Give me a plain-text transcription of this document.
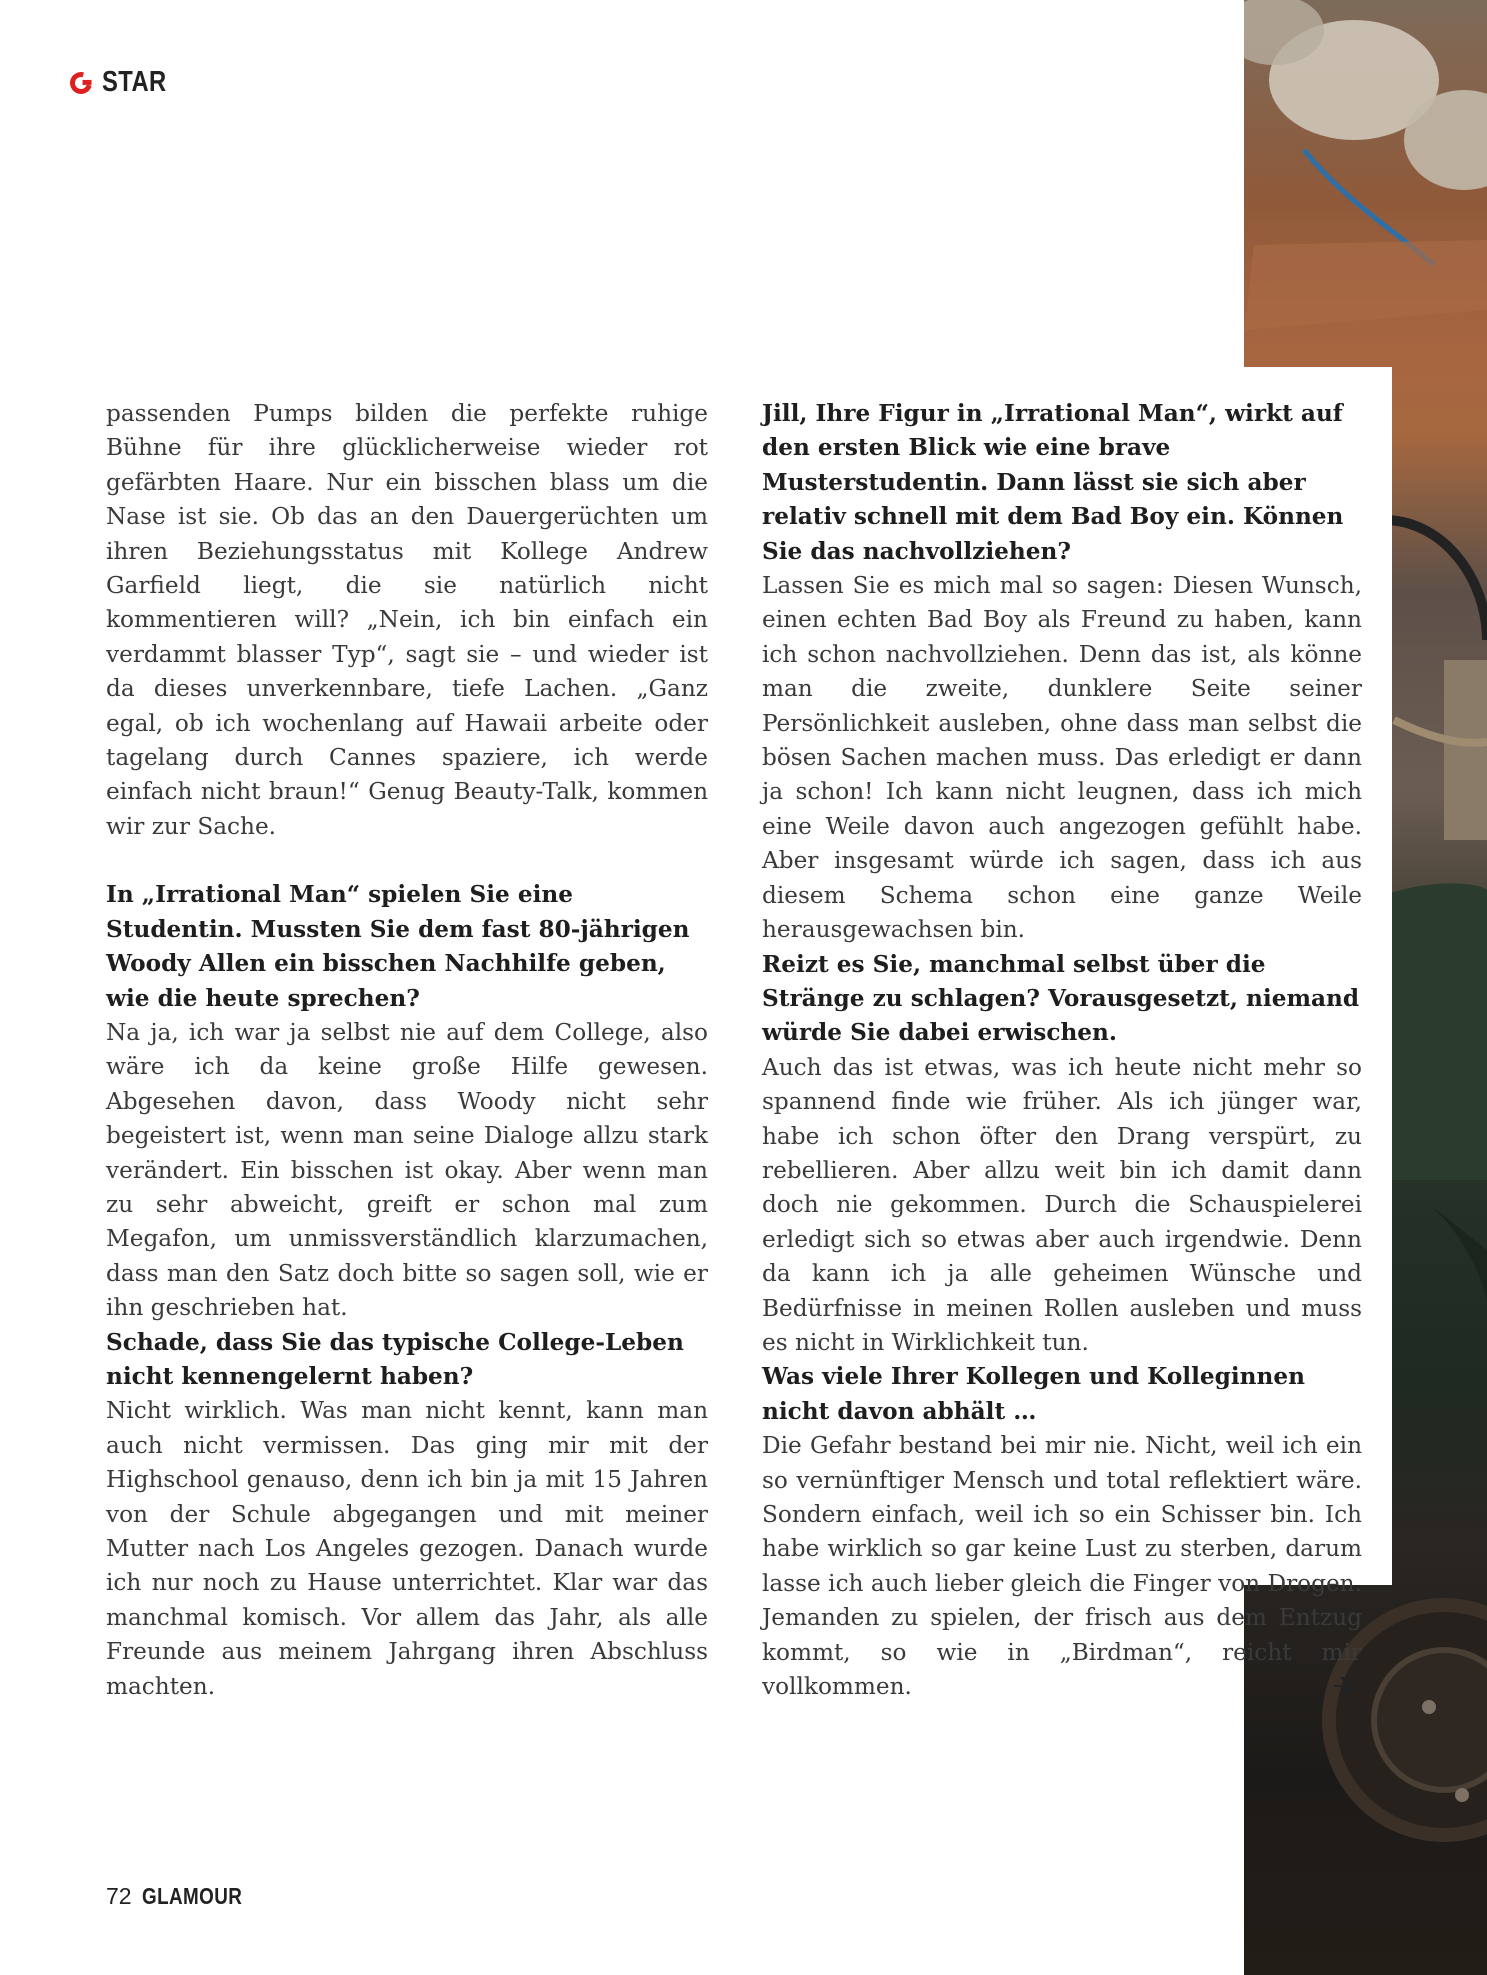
STAR

passenden Pumps bilden die perfekte ruhige Bühne für ihre glücklicherweise wieder rot gefärbten Haare. Nur ein bisschen blass um die Nase ist sie. Ob das an den Dauergerüchten um ihren Beziehungsstatus mit Kollege Andrew Garfield liegt, die sie natürlich nicht kommentieren will? „Nein, ich bin einfach ein verdammt blasser Typ“, sagt sie – und wieder ist da dieses unverkennbare, tiefe Lachen. „Ganz egal, ob ich wochenlang auf Hawaii arbeite oder tagelang durch Cannes spaziere, ich werde einfach nicht braun!“ Genug Beauty-Talk, kommen wir zur Sache.

In „Irrational Man“ spielen Sie eine Studentin. Mussten Sie dem fast 80-jährigen Woody Allen ein bisschen Nachhilfe geben, wie die heute sprechen?

Na ja, ich war ja selbst nie auf dem College, also wäre ich da keine große Hilfe gewesen. Abgesehen davon, dass Woody nicht sehr begeistert ist, wenn man seine Dialoge allzu stark verändert. Ein bisschen ist okay. Aber wenn man zu sehr abweicht, greift er schon mal zum Megafon, um unmissverständlich klarzumachen, dass man den Satz doch bitte so sagen soll, wie er ihn geschrieben hat.

Schade, dass Sie das typische College-Leben nicht kennengelernt haben?

Nicht wirklich. Was man nicht kennt, kann man auch nicht vermissen. Das ging mir mit der Highschool genauso, denn ich bin ja mit 15 Jahren von der Schule abgegangen und mit meiner Mutter nach Los Angeles gezogen. Danach wurde ich nur noch zu Hause unterrichtet. Klar war das manchmal komisch. Vor allem das Jahr, als alle Freunde aus meinem Jahrgang ihren Abschluss machten.

Jill, Ihre Figur in „Irrational Man“, wirkt auf den ersten Blick wie eine brave Musterstudentin. Dann lässt sie sich aber relativ schnell mit dem Bad Boy ein. Können Sie das nachvollziehen?

Lassen Sie es mich mal so sagen: Diesen Wunsch, einen echten Bad Boy als Freund zu haben, kann ich schon nachvollziehen. Denn das ist, als könne man die zweite, dunklere Seite seiner Persönlichkeit ausleben, ohne dass man selbst die bösen Sachen machen muss. Das erledigt er dann ja schon! Ich kann nicht leugnen, dass ich mich eine Weile davon auch angezogen gefühlt habe. Aber insgesamt würde ich sagen, dass ich aus diesem Schema schon eine ganze Weile herausgewachsen bin.

Reizt es Sie, manchmal selbst über die Stränge zu schlagen? Vorausgesetzt, niemand würde Sie dabei erwischen.

Auch das ist etwas, was ich heute nicht mehr so spannend finde wie früher. Als ich jünger war, habe ich schon öfter den Drang verspürt, zu rebellieren. Aber allzu weit bin ich damit dann doch nie gekommen. Durch die Schauspielerei erledigt sich so etwas aber auch irgendwie. Denn da kann ich ja alle geheimen Wünsche und Bedürfnisse in meinen Rollen ausleben und muss es nicht in Wirklichkeit tun.

Was viele Ihrer Kollegen und Kolleginnen nicht davon abhält …

Die Gefahr bestand bei mir nie. Nicht, weil ich ein so vernünftiger Mensch und total reflektiert wäre. Sondern einfach, weil ich so ein Schisser bin. Ich habe wirklich so gar keine Lust zu sterben, darum lasse ich auch lieber gleich die Finger von Drogen. Jemanden zu spielen, der frisch aus dem Entzug kommt, so wie in „Birdman“, reicht mir vollkommen.

72 GLAMOUR
